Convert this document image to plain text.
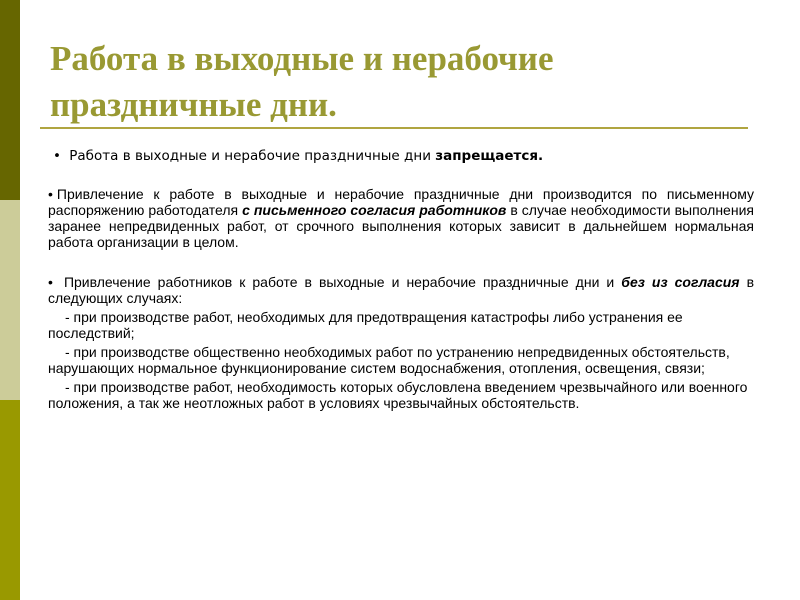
Работа в выходные и нерабочие праздничные дни.

• Работа в выходные и нерабочие праздничные дни запрещается.

• Привлечение к работе в выходные и нерабочие праздничные дни производится по письменному распоряжению работодателя с письменного согласия работников в случае необходимости выполнения заранее непредвиденных работ, от срочного выполнения которых зависит в дальнейшем нормальная работа организации в целом.

• Привлечение работников к работе в выходные и нерабочие праздничные дни и без из согласия в следующих случаях:

- при производстве работ, необходимых для предотвращения катастрофы либо устранения ее последствий;

- при производстве общественно необходимых работ по устранению непредвиденных обстоятельств, нарушающих нормальное функционирование систем водоснабжения, отопления, освещения, связи;

- при производстве работ, необходимость которых обусловлена введением чрезвычайного или военного положения, а так же неотложных работ в условиях чрезвычайных обстоятельств.
